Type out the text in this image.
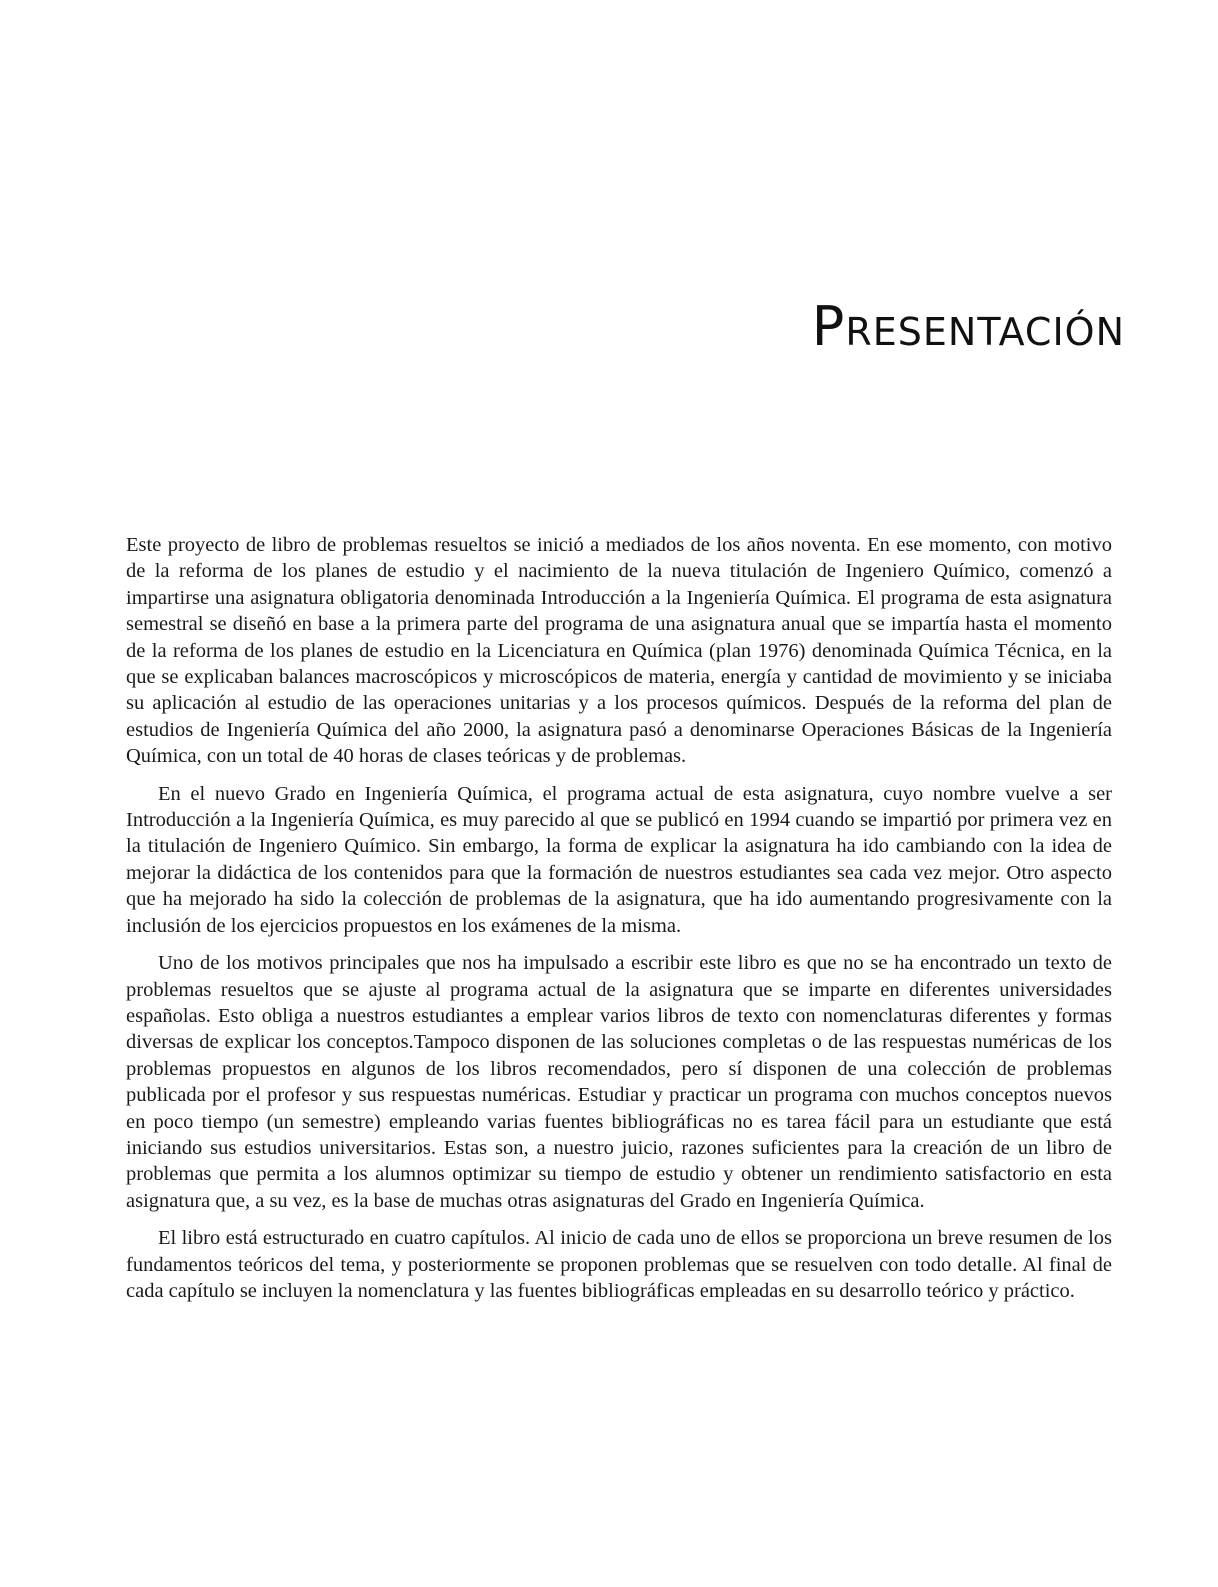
Presentación

Este proyecto de libro de problemas resueltos se inició a mediados de los años noventa. En ese momento, con motivo de la reforma de los planes de estudio y el nacimiento de la nueva titulación de Ingeniero Químico, comenzó a impartirse una asignatura obligatoria denominada Introducción a la Ingeniería Química. El programa de esta asignatura semestral se diseñó en base a la primera parte del programa de una asignatura anual que se impartía hasta el momento de la reforma de los planes de estudio en la Licenciatura en Química (plan 1976) denominada Química Técnica, en la que se explicaban balances macroscópicos y microscópicos de materia, energía y cantidad de movimiento y se iniciaba su aplicación al estudio de las operaciones unitarias y a los procesos químicos. Después de la reforma del plan de estudios de Ingeniería Química del año 2000, la asignatura pasó a denominarse Operaciones Básicas de la Ingeniería Química, con un total de 40 horas de clases teóricas y de problemas.

En el nuevo Grado en Ingeniería Química, el programa actual de esta asignatura, cuyo nombre vuelve a ser Introducción a la Ingeniería Química, es muy parecido al que se publicó en 1994 cuando se impartió por primera vez en la titulación de Ingeniero Químico. Sin embargo, la forma de explicar la asignatura ha ido cambiando con la idea de mejorar la didáctica de los contenidos para que la formación de nuestros estudiantes sea cada vez mejor. Otro aspecto que ha mejorado ha sido la colección de problemas de la asignatura, que ha ido aumentando progresivamente con la inclusión de los ejercicios propuestos en los exámenes de la misma.

Uno de los motivos principales que nos ha impulsado a escribir este libro es que no se ha encontrado un texto de problemas resueltos que se ajuste al programa actual de la asignatura que se imparte en diferentes universidades españolas. Esto obliga a nuestros estudiantes a emplear varios libros de texto con nomenclaturas diferentes y formas diversas de explicar los conceptos.Tampoco disponen de las soluciones completas o de las respuestas numéricas de los problemas propuestos en algunos de los libros recomendados, pero sí disponen de una colección de problemas publicada por el profesor y sus respuestas numéricas. Estudiar y practicar un programa con muchos conceptos nuevos en poco tiempo (un semestre) empleando varias fuentes bibliográficas no es tarea fácil para un estudiante que está iniciando sus estudios universitarios. Estas son, a nuestro juicio, razones suficientes para la creación de un libro de problemas que permita a los alumnos optimizar su tiempo de estudio y obtener un rendimiento satisfactorio en esta asignatura que, a su vez, es la base de muchas otras asignaturas del Grado en Ingeniería Química.

El libro está estructurado en cuatro capítulos. Al inicio de cada uno de ellos se proporciona un breve resumen de los fundamentos teóricos del tema, y posteriormente se proponen problemas que se resuelven con todo detalle. Al final de cada capítulo se incluyen la nomenclatura y las fuentes bibliográficas empleadas en su desarrollo teórico y práctico.
